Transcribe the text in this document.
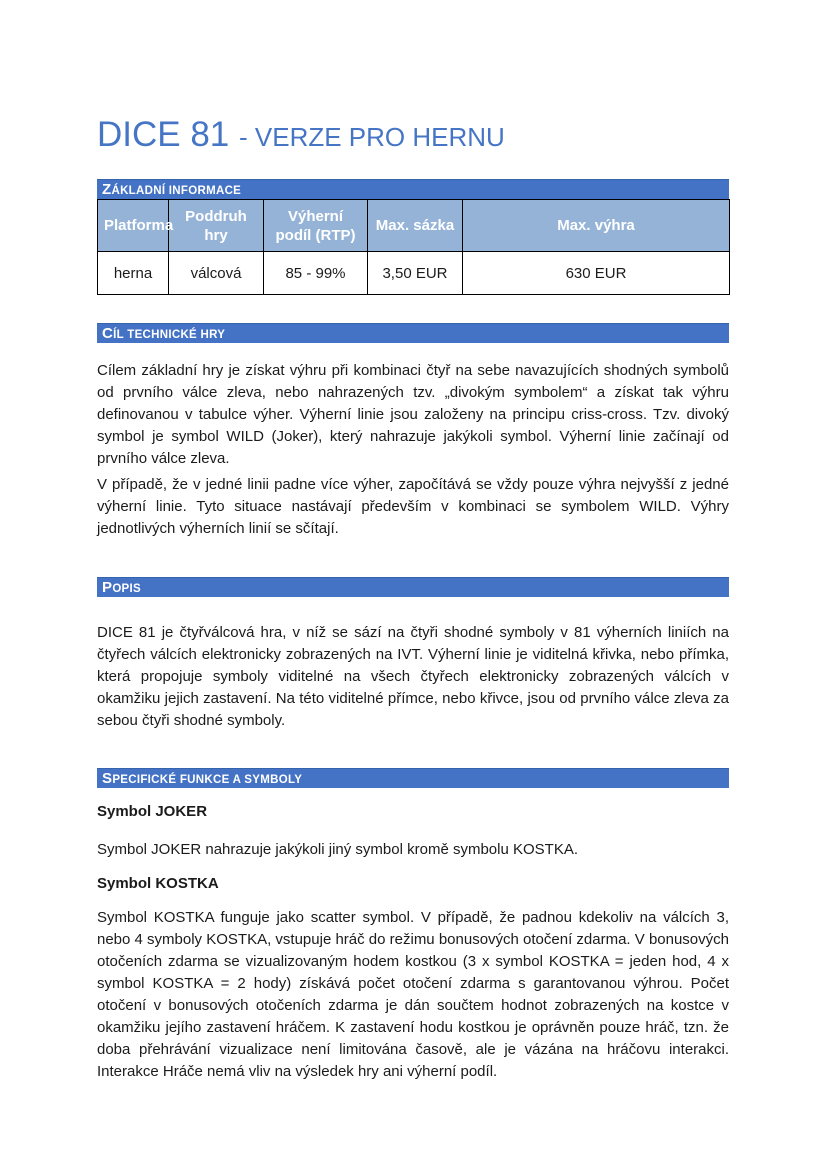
DICE 81 - VERZE PRO HERNU
ZÁKLADNÍ INFORMACE
Platforma	Poddruh hry	Výherní podíl (RTP)	Max. sázka	Max. výhra
herna	válcová	85 - 99%	3,50 EUR	630 EUR
CÍL TECHNICKÉ HRY

Cílem základní hry je získat výhru při kombinaci čtyř na sebe navazujících shodných symbolů od prvního válce zleva, nebo nahrazených tzv. „divokým symbolem“ a získat tak výhru definovanou v tabulce výher. Výherní linie jsou založeny na principu criss-cross. Tzv. divoký symbol je symbol WILD (Joker), který nahrazuje jakýkoli symbol. Výherní linie začínají od prvního válce zleva.

V případě, že v jedné linii padne více výher, započítává se vždy pouze výhra nejvyšší z jedné výherní linie. Tyto situace nastávají především v kombinaci se symbolem WILD. Výhry jednotlivých výherních linií se sčítají.

POPIS

DICE 81 je čtyřválcová hra, v níž se sází na čtyři shodné symboly v 81 výherních liniích na čtyřech válcích elektronicky zobrazených na IVT. Výherní linie je viditelná křivka, nebo přímka, která propojuje symboly viditelné na všech čtyřech elektronicky zobrazených válcích v okamžiku jejich zastavení. Na této viditelné přímce, nebo křivce, jsou od prvního válce zleva za sebou čtyři shodné symboly.

SPECIFICKÉ FUNKCE A SYMBOLY
Symbol JOKER

Symbol JOKER nahrazuje jakýkoli jiný symbol kromě symbolu KOSTKA.

Symbol KOSTKA

Symbol KOSTKA funguje jako scatter symbol. V případě, že padnou kdekoliv na válcích 3, nebo 4 symboly KOSTKA, vstupuje hráč do režimu bonusových otočení zdarma. V bonusových otočeních zdarma se vizualizovaným hodem kostkou (3 x symbol KOSTKA = jeden hod, 4 x symbol KOSTKA = 2 hody) získává počet otočení zdarma s garantovanou výhrou. Počet otočení v bonusových otočeních zdarma je dán součtem hodnot zobrazených na kostce v okamžiku jejího zastavení hráčem. K zastavení hodu kostkou je oprávněn pouze hráč, tzn. že doba přehrávání vizualizace není limitována časově, ale je vázána na hráčovu interakci. Interakce Hráče nemá vliv na výsledek hry ani výherní podíl.
